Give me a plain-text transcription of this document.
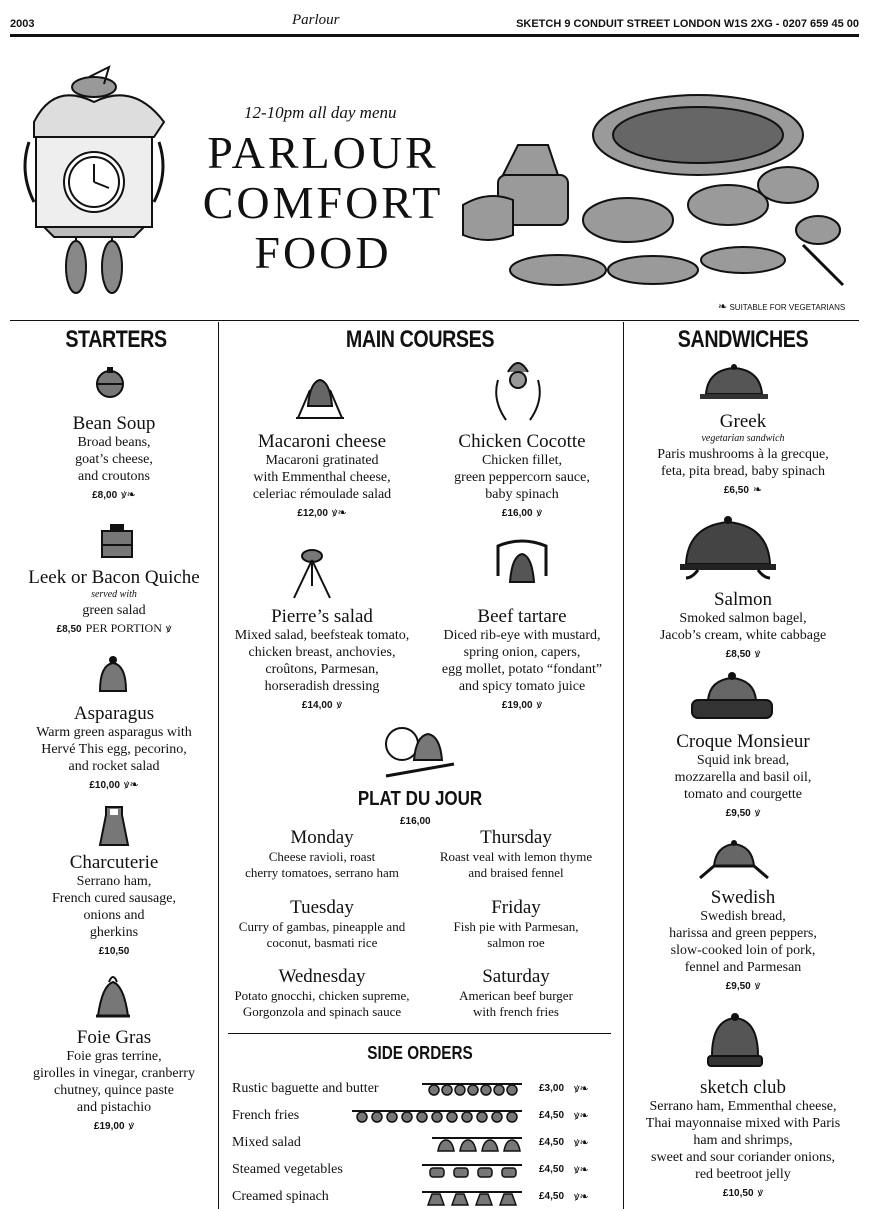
2003	Parlour	SKETCH 9 CONDUIT STREET LONDON W1S 2XG - 0207 659 45 00
12-10pm all day menu
PARLOUR
COMFORT
FOOD
❧ SUITABLE FOR VEGETARIANS
STARTERS
Bean Soup
Broad beans,
goat’s cheese,
and croutons
£8,00 ꝟ❧
Leek or Bacon Quiche
served with
green salad
£8,50 PER PORTION ꝟ
Asparagus
Warm green asparagus with
Hervé This egg, pecorino,
and rocket salad
£10,00 ꝟ❧
Charcuterie
Serrano ham,
French cured sausage,
onions and
gherkins
£10,50
Foie Gras
Foie gras terrine,
girolles in vinegar, cranberry
chutney, quince paste
and pistachio
£19,00 ꝟ
MAIN COURSES
Macaroni cheese
Macaroni gratinated
with Emmenthal cheese,
celeriac rémoulade salad
£12,00 ꝟ❧
Chicken Cocotte
Chicken fillet,
green peppercorn sauce,
baby spinach
£16,00 ꝟ
Pierre’s salad
Mixed salad, beefsteak tomato,
chicken breast, anchovies,
croûtons, Parmesan,
horseradish dressing
£14,00 ꝟ
Beef tartare
Diced rib-eye with mustard,
spring onion, capers,
egg mollet, potato “fondant”
and spicy tomato juice
£19,00 ꝟ
PLAT DU JOUR
£16,00
Monday
Cheese ravioli, roast
cherry tomatoes, serrano ham
Thursday
Roast veal with lemon thyme
and braised fennel
Tuesday
Curry of gambas, pineapple and
coconut, basmati rice
Friday
Fish pie with Parmesan,
salmon roe
Wednesday
Potato gnocchi, chicken supreme,
Gorgonzola and spinach sauce
Saturday
American beef burger
with french fries
SIDE ORDERS
Rustic baguette and butter	£3,00 ꝟ❧
French fries	£4,50 ꝟ❧
Mixed salad	£4,50 ꝟ❧
Steamed vegetables	£4,50 ꝟ❧
Creamed spinach	£4,50 ꝟ❧
SANDWICHES
Greek
vegetarian sandwich
Paris mushrooms à la grecque,
feta, pita bread, baby spinach
£6,50 ❧
Salmon
Smoked salmon bagel,
Jacob’s cream, white cabbage
£8,50 ꝟ
Croque Monsieur
Squid ink bread,
mozzarella and basil oil,
tomato and courgette
£9,50 ꝟ
Swedish
Swedish bread,
harissa and green peppers,
slow-cooked loin of pork,
fennel and Parmesan
£9,50 ꝟ
sketch club
Serrano ham, Emmenthal cheese,
Thai mayonnaise mixed with Paris
ham and shrimps,
sweet and sour coriander onions,
red beetroot jelly
£10,50 ꝟ
